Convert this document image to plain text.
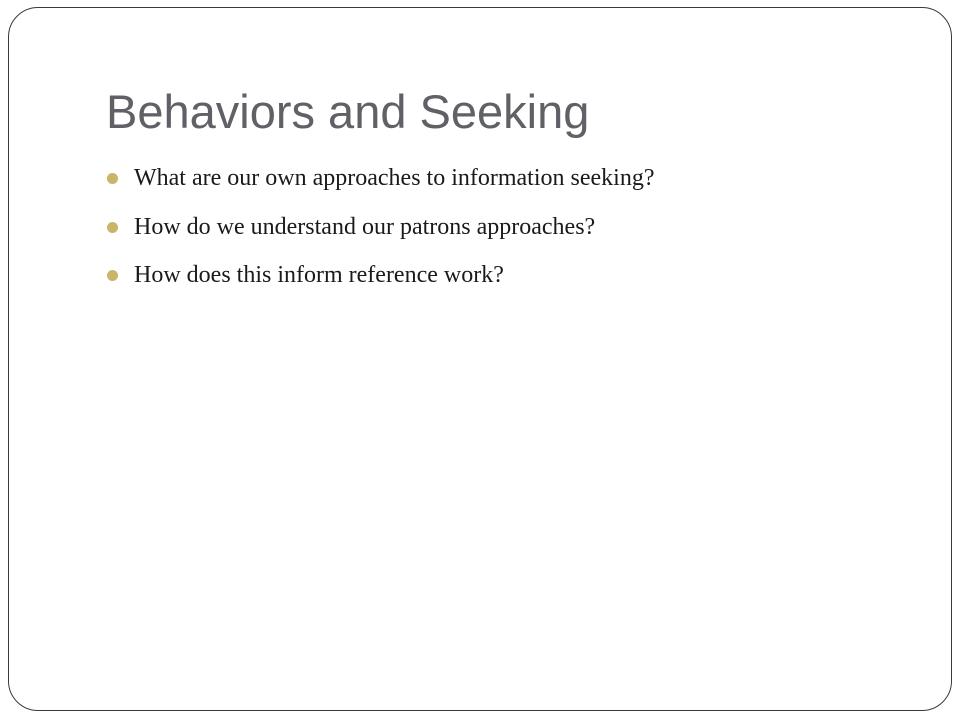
Behaviors and Seeking
What are our own approaches to information seeking?
How do we understand our patrons approaches?
How does this inform reference work?
